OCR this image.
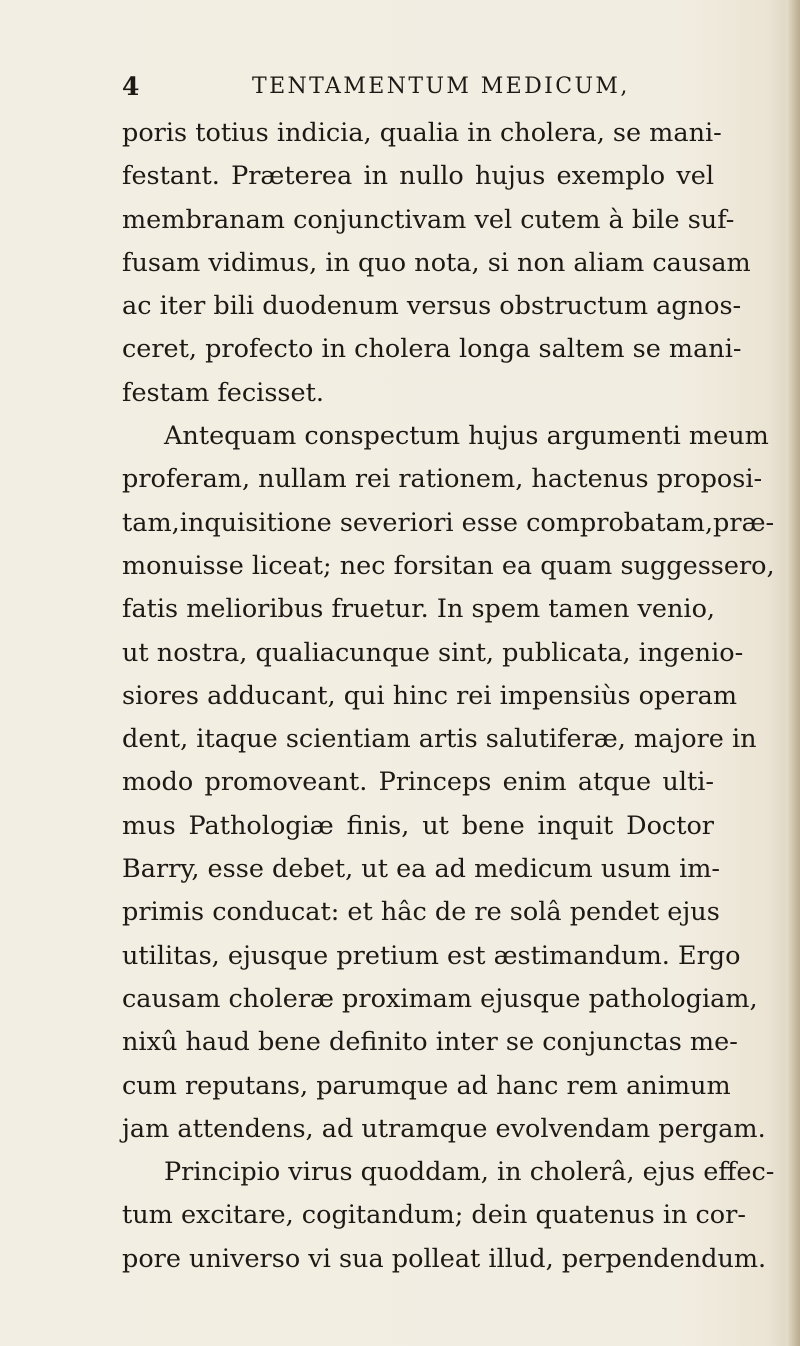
4	TENTAMENTUM MEDICUM,
poris totius indicia, qualia in cholera, se mani-
festant. Præterea in nullo hujus exemplo vel
membranam conjunctivam vel cutem à bile suf-
fusam vidimus, in quo nota, si non aliam causam
ac iter bili duodenum versus obstructum agnos-
ceret, profecto in cholera longa saltem se mani-
festam fecisset.
Antequam conspectum hujus argumenti meum
proferam, nullam rei rationem, hactenus proposi-
tam,inquisitione severiori esse comprobatam,præ-
monuisse liceat; nec forsitan ea quam suggessero,
fatis melioribus fruetur. In spem tamen venio,
ut nostra, qualiacunque sint, publicata, ingenio-
siores adducant, qui hinc rei impensiùs operam
dent, itaque scientiam artis salutiferæ, majore in
modo promoveant. Princeps enim atque ulti-
mus Pathologiæ finis, ut bene inquit Doctor
Barry, esse debet, ut ea ad medicum usum im-
primis conducat: et hâc de re solâ pendet ejus
utilitas, ejusque pretium est æstimandum. Ergo
causam choleræ proximam ejusque pathologiam,
nixû haud bene definito inter se conjunctas me-
cum reputans, parumque ad hanc rem animum
jam attendens, ad utramque evolvendam pergam.
Principio virus quoddam, in cholerâ, ejus effec-
tum excitare, cogitandum; dein quatenus in cor-
pore universo vi sua polleat illud, perpendendum.
